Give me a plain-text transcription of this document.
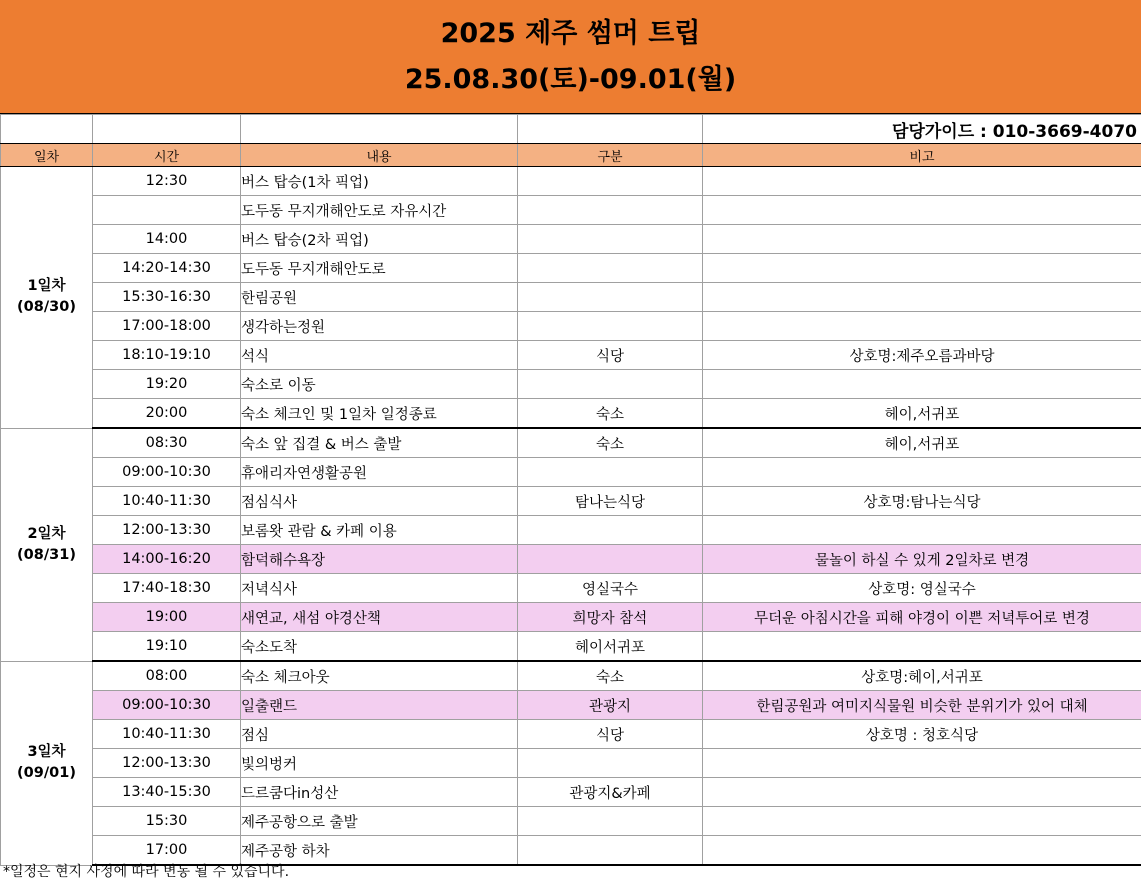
2025 제주 썸머 트립
25.08.30(토)-09.01(월)
				담당가이드 : 010-3669-4070
일차	시간	내용	구분	비고

1일차
(08/30)	12:30	버스 탑승(1차 픽업)		
		도두동 무지개해안도로 자유시간		
	14:00	버스 탑승(2차 픽업)		
	14:20-14:30	도두동 무지개해안도로		
	15:30-16:30	한림공원		
	17:00-18:00	생각하는정원		
	18:10-19:10	석식	식당	상호명:제주오름과바당
	19:20	숙소로 이동		
	20:00	숙소 체크인 및 1일차 일정종료	숙소	헤이,서귀포

2일차
(08/31)	08:30	숙소 앞 집결 & 버스 출발	숙소	헤이,서귀포
	09:00-10:30	휴애리자연생활공원		
	10:40-11:30	점심식사	탐나는식당	상호명:탐나는식당
	12:00-13:30	보롬왓 관람 & 카페 이용		
	14:00-16:20	함덕해수욕장		물놀이 하실 수 있게 2일차로 변경
	17:40-18:30	저녁식사	영실국수	상호명: 영실국수
	19:00	새연교, 새섬 야경산책	희망자 참석	무더운 아침시간을 피해 야경이 이쁜 저녁투어로 변경
	19:10	숙소도착	헤이서귀포	

3일차
(09/01)	08:00	숙소 체크아웃	숙소	상호명:헤이,서귀포
	09:00-10:30	일출랜드	관광지	한림공원과 여미지식물원 비슷한 분위기가 있어 대체
	10:40-11:30	점심	식당	상호명 : 청호식당
	12:00-13:30	빛의벙커		
	13:40-15:30	드르쿰다in성산	관광지&카페	
	15:30	제주공항으로 출발		
	17:00	제주공항 하차		
*일정은 현지 사정에 따라 변동 될 수 있습니다.
